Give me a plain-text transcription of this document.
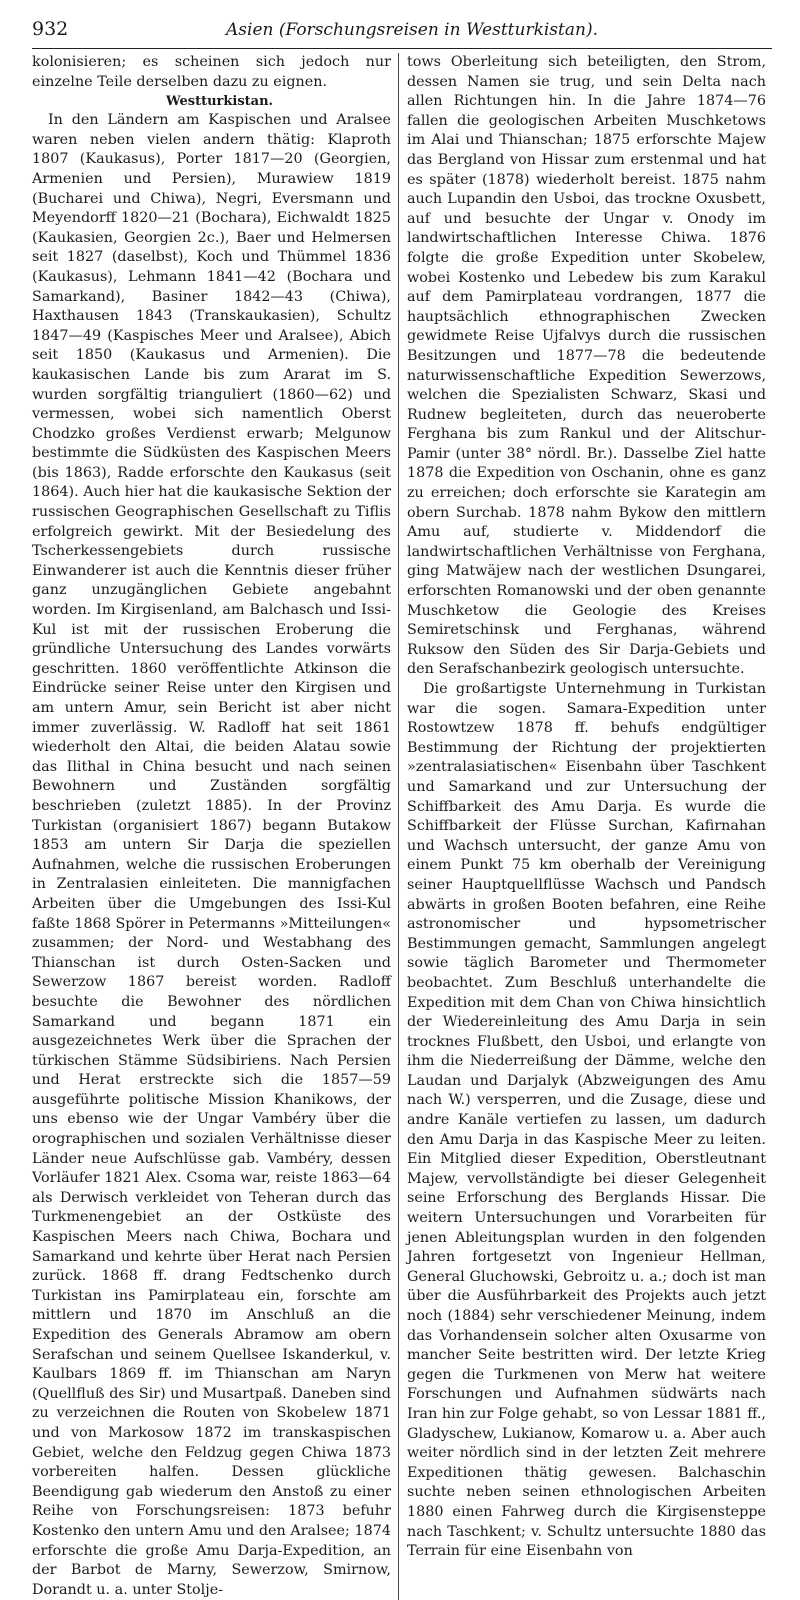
932	Asien (Forschungsreisen in Westturkistan).

kolonisieren; es scheinen sich jedoch nur einzelne Teile derselben dazu zu eignen.

Westturkistan.

In den Ländern am Kaspischen und Aralsee waren neben vielen andern thätig: Klaproth 1807 (Kaukasus), Porter 1817—20 (Georgien, Armenien und Persien), Murawiew 1819 (Bucharei und Chiwa), Negri, Eversmann und Meyendorff 1820—21 (Bochara), Eichwaldt 1825 (Kaukasien, Georgien 2c.), Baer und Helmersen seit 1827 (daselbst), Koch und Thümmel 1836 (Kaukasus), Lehmann 1841—42 (Bochara und Samarkand), Basiner 1842—43 (Chiwa), Haxthausen 1843 (Transkaukasien), Schultz 1847—49 (Kaspisches Meer und Aralsee), Abich seit 1850 (Kaukasus und Armenien). Die kaukasischen Lande bis zum Ararat im S. wurden sorgfältig trianguliert (1860—62) und vermessen, wobei sich namentlich Oberst Chodzko großes Verdienst erwarb; Melgunow bestimmte die Südküsten des Kaspischen Meers (bis 1863), Radde erforschte den Kaukasus (seit 1864). Auch hier hat die kaukasische Sektion der russischen Geographischen Gesellschaft zu Tiflis erfolgreich gewirkt. Mit der Besiedelung des Tscherkessengebiets durch russische Einwanderer ist auch die Kenntnis dieser früher ganz unzugänglichen Gebiete angebahnt worden. Im Kirgisenland, am Balchasch und Issi-Kul ist mit der russischen Eroberung die gründliche Untersuchung des Landes vorwärts geschritten. 1860 veröffentlichte Atkinson die Eindrücke seiner Reise unter den Kirgisen und am untern Amur, sein Bericht ist aber nicht immer zuverlässig. W. Radloff hat seit 1861 wiederholt den Altai, die beiden Alatau sowie das Ilithal in China besucht und nach seinen Bewohnern und Zuständen sorgfältig beschrieben (zuletzt 1885). In der Provinz Turkistan (organisiert 1867) begann Butakow 1853 am untern Sir Darja die speziellen Aufnahmen, welche die russischen Eroberungen in Zentralasien einleiteten. Die mannigfachen Arbeiten über die Umgebungen des Issi-Kul faßte 1868 Spörer in Petermanns »Mitteilungen« zusammen; der Nord- und Westabhang des Thianschan ist durch Osten-Sacken und Sewerzow 1867 bereist worden. Radloff besuchte die Bewohner des nördlichen Samarkand und begann 1871 ein ausgezeichnetes Werk über die Sprachen der türkischen Stämme Südsibiriens. Nach Persien und Herat erstreckte sich die 1857—59 ausgeführte politische Mission Khanikows, der uns ebenso wie der Ungar Vambéry über die orographischen und sozialen Verhältnisse dieser Länder neue Aufschlüsse gab. Vambéry, dessen Vorläufer 1821 Alex. Csoma war, reiste 1863—64 als Derwisch verkleidet von Teheran durch das Turkmenengebiet an der Ostküste des Kaspischen Meers nach Chiwa, Bochara und Samarkand und kehrte über Herat nach Persien zurück. 1868 ff. drang Fedtschenko durch Turkistan ins Pamirplateau ein, forschte am mittlern und 1870 im Anschluß an die Expedition des Generals Abramow am obern Serafschan und seinem Quellsee Iskanderkul, v. Kaulbars 1869 ff. im Thianschan am Naryn (Quellfluß des Sir) und Musartpaß. Daneben sind zu verzeichnen die Routen von Skobelew 1871 und von Markosow 1872 im transkaspischen Gebiet, welche den Feldzug gegen Chiwa 1873 vorbereiten halfen. Dessen glückliche Beendigung gab wiederum den Anstoß zu einer Reihe von Forschungsreisen: 1873 befuhr Kostenko den untern Amu und den Aralsee; 1874 erforschte die große Amu Darja-Expedition, an der Barbot de Marny, Sewerzow, Smirnow, Dorandt u. a. unter Stolje-

tows Oberleitung sich beteiligten, den Strom, dessen Namen sie trug, und sein Delta nach allen Richtungen hin. In die Jahre 1874—76 fallen die geologischen Arbeiten Muschketows im Alai und Thianschan; 1875 erforschte Majew das Bergland von Hissar zum erstenmal und hat es später (1878) wiederholt bereist. 1875 nahm auch Lupandin den Usboi, das trockne Oxusbett, auf und besuchte der Ungar v. Onody im landwirtschaftlichen Interesse Chiwa. 1876 folgte die große Expedition unter Skobelew, wobei Kostenko und Lebedew bis zum Karakul auf dem Pamirplateau vordrangen, 1877 die hauptsächlich ethnographischen Zwecken gewidmete Reise Ujfalvys durch die russischen Besitzungen und 1877—78 die bedeutende naturwissenschaftliche Expedition Sewerzows, welchen die Spezialisten Schwarz, Skasi und Rudnew begleiteten, durch das neueroberte Ferghana bis zum Rankul und der Alitschur-Pamir (unter 38° nördl. Br.). Dasselbe Ziel hatte 1878 die Expedition von Oschanin, ohne es ganz zu erreichen; doch erforschte sie Karategin am obern Surchab. 1878 nahm Bykow den mittlern Amu auf, studierte v. Middendorf die landwirtschaftlichen Verhältnisse von Ferghana, ging Matwäjew nach der westlichen Dsungarei, erforschten Romanowski und der oben genannte Muschketow die Geologie des Kreises Semiretschinsk und Ferghanas, während Ruksow den Süden des Sir Darja-Gebiets und den Serafschanbezirk geologisch untersuchte.

Die großartigste Unternehmung in Turkistan war die sogen. Samara-Expedition unter Rostowtzew 1878 ff. behufs endgültiger Bestimmung der Richtung der projektierten »zentralasiatischen« Eisenbahn über Taschkent und Samarkand und zur Untersuchung der Schiffbarkeit des Amu Darja. Es wurde die Schiffbarkeit der Flüsse Surchan, Kafirnahan und Wachsch untersucht, der ganze Amu von einem Punkt 75 km oberhalb der Vereinigung seiner Hauptquellflüsse Wachsch und Pandsch abwärts in großen Booten befahren, eine Reihe astronomischer und hypsometrischer Bestimmungen gemacht, Sammlungen angelegt sowie täglich Barometer und Thermometer beobachtet. Zum Beschluß unterhandelte die Expedition mit dem Chan von Chiwa hinsichtlich der Wiedereinleitung des Amu Darja in sein trocknes Flußbett, den Usboi, und erlangte von ihm die Niederreißung der Dämme, welche den Laudan und Darjalyk (Abzweigungen des Amu nach W.) versperren, und die Zusage, diese und andre Kanäle vertiefen zu lassen, um dadurch den Amu Darja in das Kaspische Meer zu leiten. Ein Mitglied dieser Expedition, Oberstleutnant Majew, vervollständigte bei dieser Gelegenheit seine Erforschung des Berglands Hissar. Die weitern Untersuchungen und Vorarbeiten für jenen Ableitungsplan wurden in den folgenden Jahren fortgesetzt von Ingenieur Hellman, General Gluchowski, Gebroitz u. a.; doch ist man über die Ausführbarkeit des Projekts auch jetzt noch (1884) sehr verschiedener Meinung, indem das Vorhandensein solcher alten Oxusarme von mancher Seite bestritten wird. Der letzte Krieg gegen die Turkmenen von Merw hat weitere Forschungen und Aufnahmen südwärts nach Iran hin zur Folge gehabt, so von Lessar 1881 ff., Gladyschew, Lukianow, Komarow u. a. Aber auch weiter nördlich sind in der letzten Zeit mehrere Expeditionen thätig gewesen. Balchaschin suchte neben seinen ethnologischen Arbeiten 1880 einen Fahrweg durch die Kirgisensteppe nach Taschkent; v. Schultz untersuchte 1880 das Terrain für eine Eisenbahn von
